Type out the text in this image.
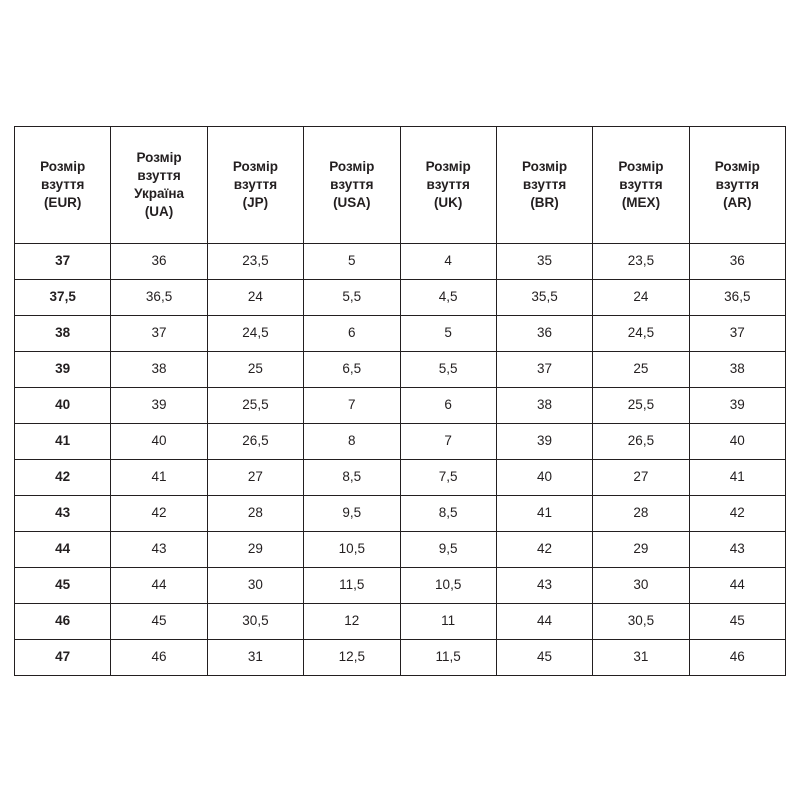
Розмір
взуття
(EUR)	Розмір
взуття
Україна
(UA)	Розмір
взуття
(JP)	Розмір
взуття
(USA)	Розмір
взуття
(UK)	Розмір
взуття
(BR)	Розмір
взуття
(MEX)	Розмір
взуття
(AR)

37	36	23,5	5	4	35	23,5	36
37,5	36,5	24	5,5	4,5	35,5	24	36,5
38	37	24,5	6	5	36	24,5	37
39	38	25	6,5	5,5	37	25	38
40	39	25,5	7	6	38	25,5	39
41	40	26,5	8	7	39	26,5	40
42	41	27	8,5	7,5	40	27	41
43	42	28	9,5	8,5	41	28	42
44	43	29	10,5	9,5	42	29	43
45	44	30	11,5	10,5	43	30	44
46	45	30,5	12	11	44	30,5	45
47	46	31	12,5	11,5	45	31	46
